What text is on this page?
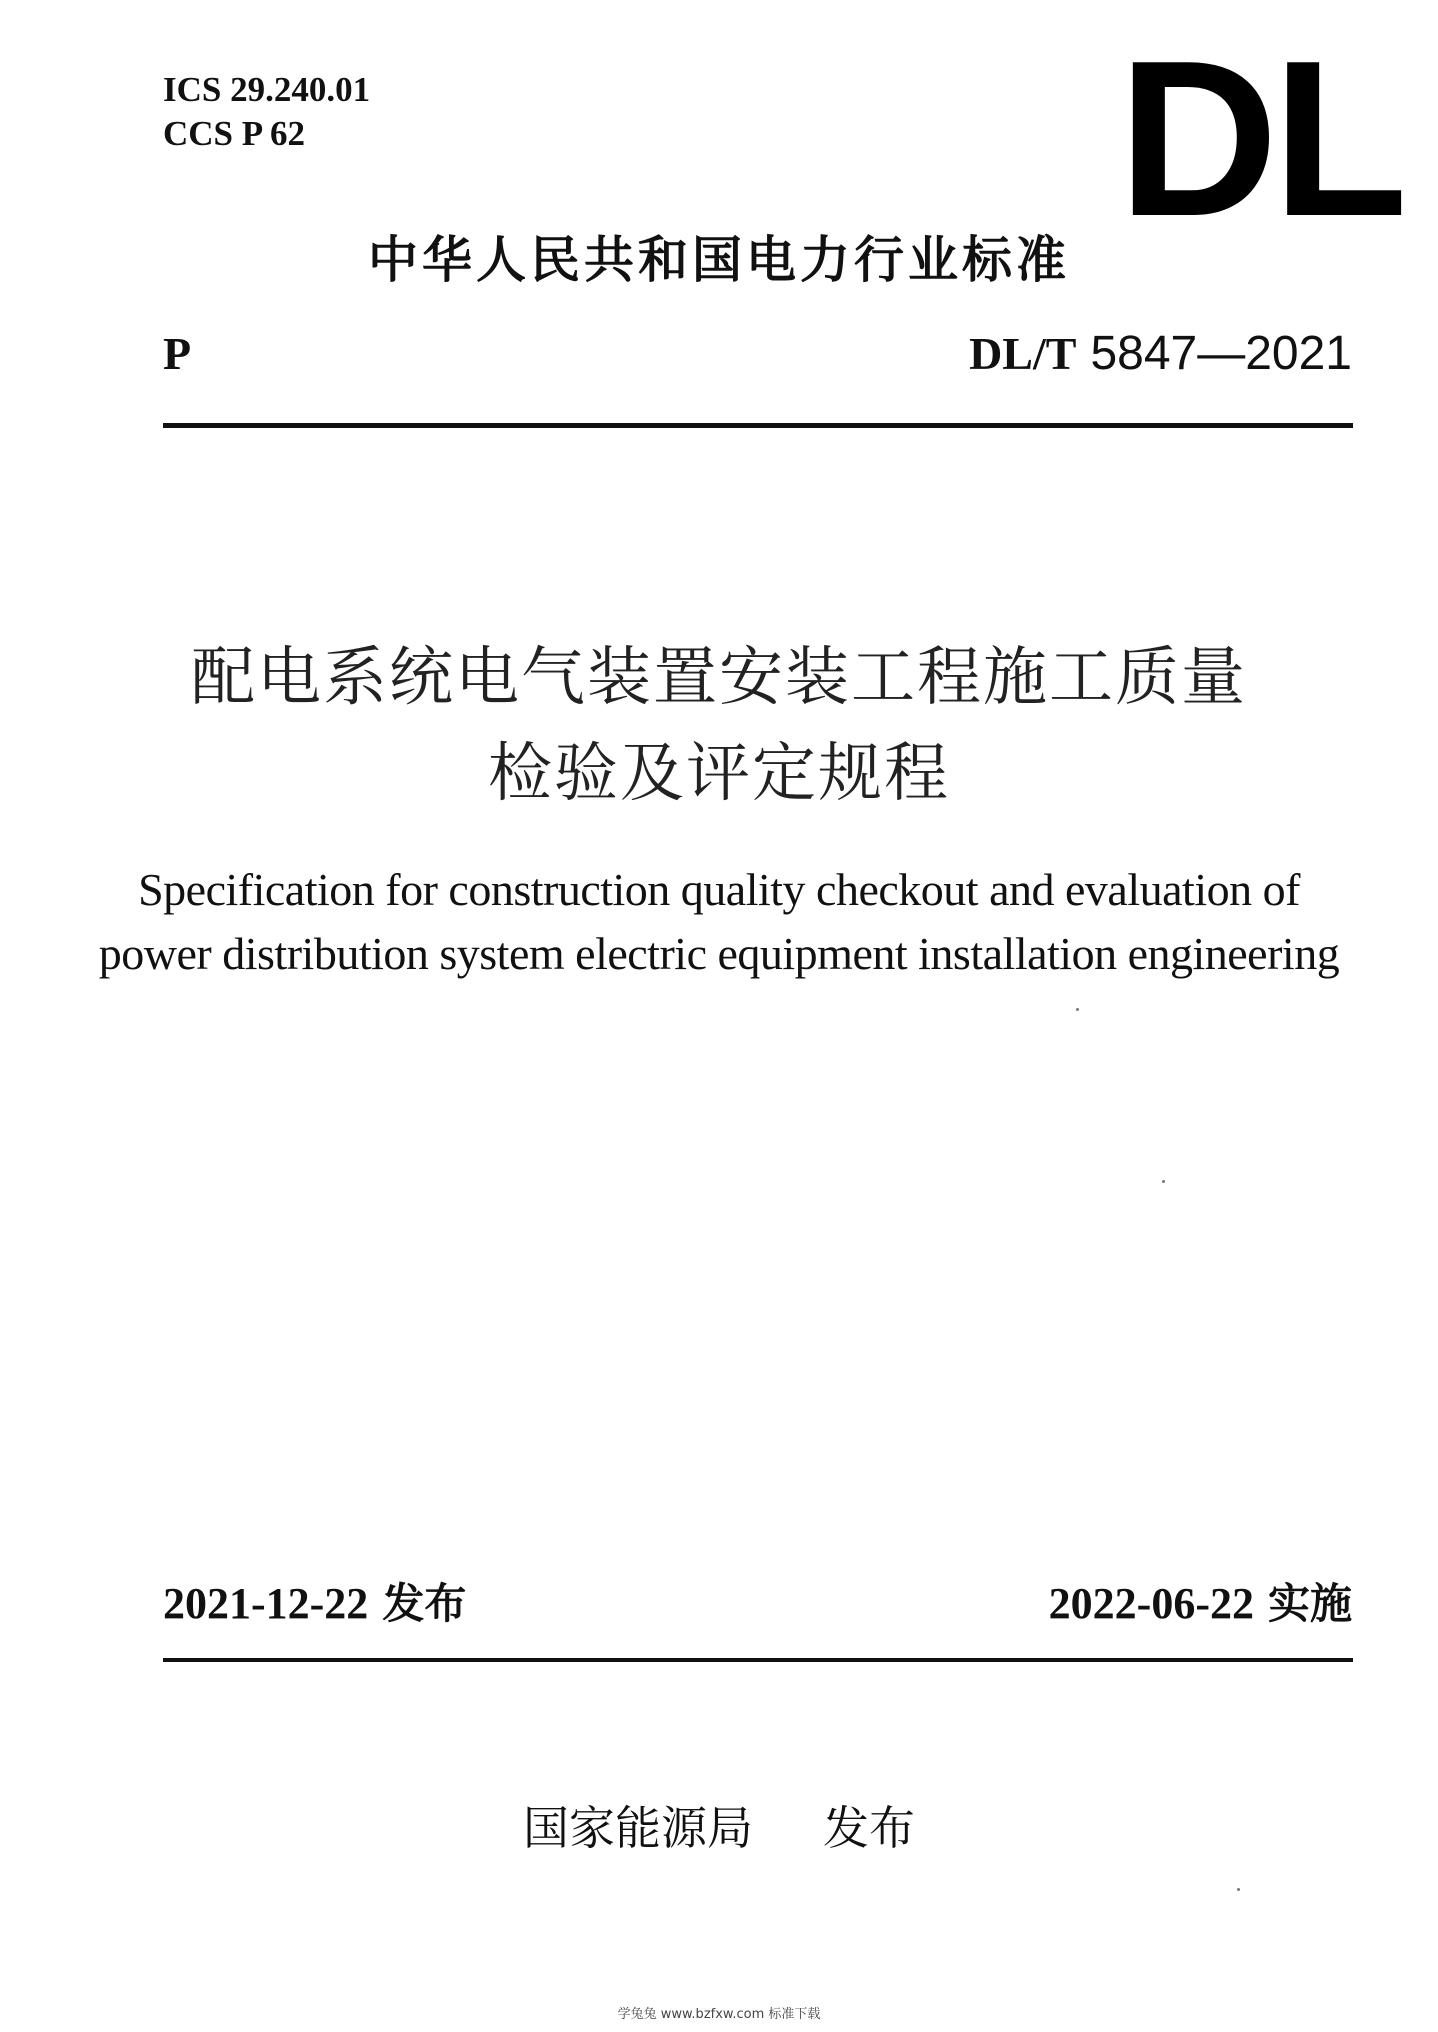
ICS 29.240.01
CCS P 62	DL
中华人民共和国电力行业标准
P	DL/T 5847—2021
配电系统电气装置安装工程施工质量
检验及评定规程
Specification for construction quality checkout and evaluation of
power distribution system electric equipment installation engineering
2021-12-22 发布	2022-06-22 实施
国家能源局 发布
学兔兔 www.bzfxw.com 标准下载
